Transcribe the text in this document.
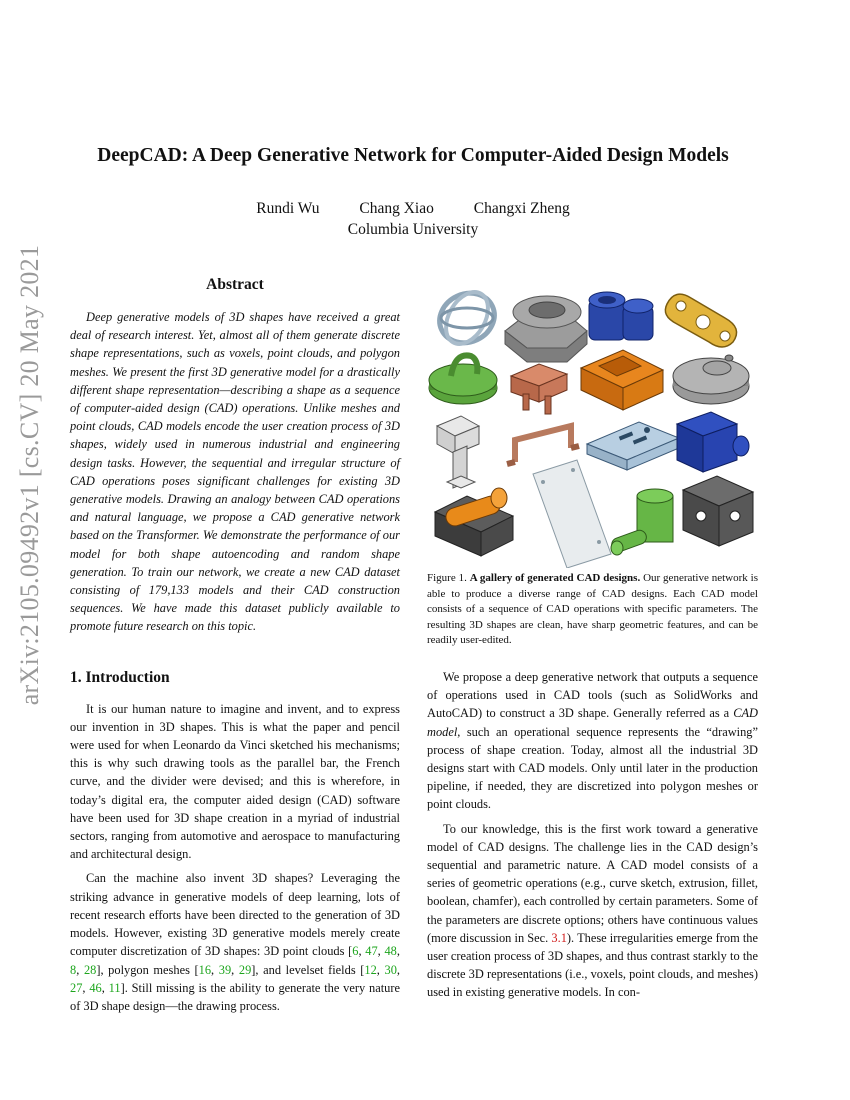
arXiv:2105.09492v1 [cs.CV] 20 May 2021
DeepCAD: A Deep Generative Network for Computer-Aided Design Models
Rundi Wu	Chang Xiao	Changxi Zheng
Columbia University
Abstract

Deep generative models of 3D shapes have received a great deal of research interest. Yet, almost all of them generate discrete shape representations, such as voxels, point clouds, and polygon meshes. We present the first 3D generative model for a drastically different shape representation—describing a shape as a sequence of computer-aided design (CAD) operations. Unlike meshes and point clouds, CAD models encode the user creation process of 3D shapes, widely used in numerous industrial and engineering design tasks. However, the sequential and irregular structure of CAD operations poses significant challenges for existing 3D generative models. Drawing an analogy between CAD operations and natural language, we propose a CAD generative network based on the Transformer. We demonstrate the performance of our model for both shape autoencoding and random shape generation. To train our network, we create a new CAD dataset consisting of 179,133 models and their CAD construction sequences. We have made this dataset publicly available to promote future research on this topic.

1. Introduction

It is our human nature to imagine and invent, and to express our invention in 3D shapes. This is what the paper and pencil were used for when Leonardo da Vinci sketched his mechanisms; this is why such drawing tools as the parallel bar, the French curve, and the divider were devised; and this is wherefore, in today’s digital era, the computer aided design (CAD) software have been used for 3D shape creation in a myriad of industrial sectors, ranging from automotive and aerospace to manufacturing and architectural design.

Can the machine also invent 3D shapes? Leveraging the striking advance in generative models of deep learning, lots of recent research efforts have been directed to the generation of 3D models. However, existing 3D generative models merely create computer discretization of 3D shapes: 3D point clouds [6, 47, 48, 8, 28], polygon meshes [16, 39, 29], and levelset fields [12, 30, 27, 46, 11]. Still missing is the ability to generate the very nature of 3D shape design—the drawing process.

Figure 1. A gallery of generated CAD designs. Our generative network is able to produce a diverse range of CAD designs. Each CAD model consists of a sequence of CAD operations with specific parameters. The resulting 3D shapes are clean, have sharp geometric features, and can be readily user-edited.

We propose a deep generative network that outputs a sequence of operations used in CAD tools (such as SolidWorks and AutoCAD) to construct a 3D shape. Generally referred as a CAD model, such an operational sequence represents the “drawing” process of shape creation. Today, almost all the industrial 3D designs start with CAD models. Only until later in the production pipeline, if needed, they are discretized into polygon meshes or point clouds.

To our knowledge, this is the first work toward a generative model of CAD designs. The challenge lies in the CAD design’s sequential and parametric nature. A CAD model consists of a series of geometric operations (e.g., curve sketch, extrusion, fillet, boolean, chamfer), each controlled by certain parameters. Some of the parameters are discrete options; others have continuous values (more discussion in Sec. 3.1). These irregularities emerge from the user creation process of 3D shapes, and thus contrast starkly to the discrete 3D representations (i.e., voxels, point clouds, and meshes) used in existing generative models. In con-
